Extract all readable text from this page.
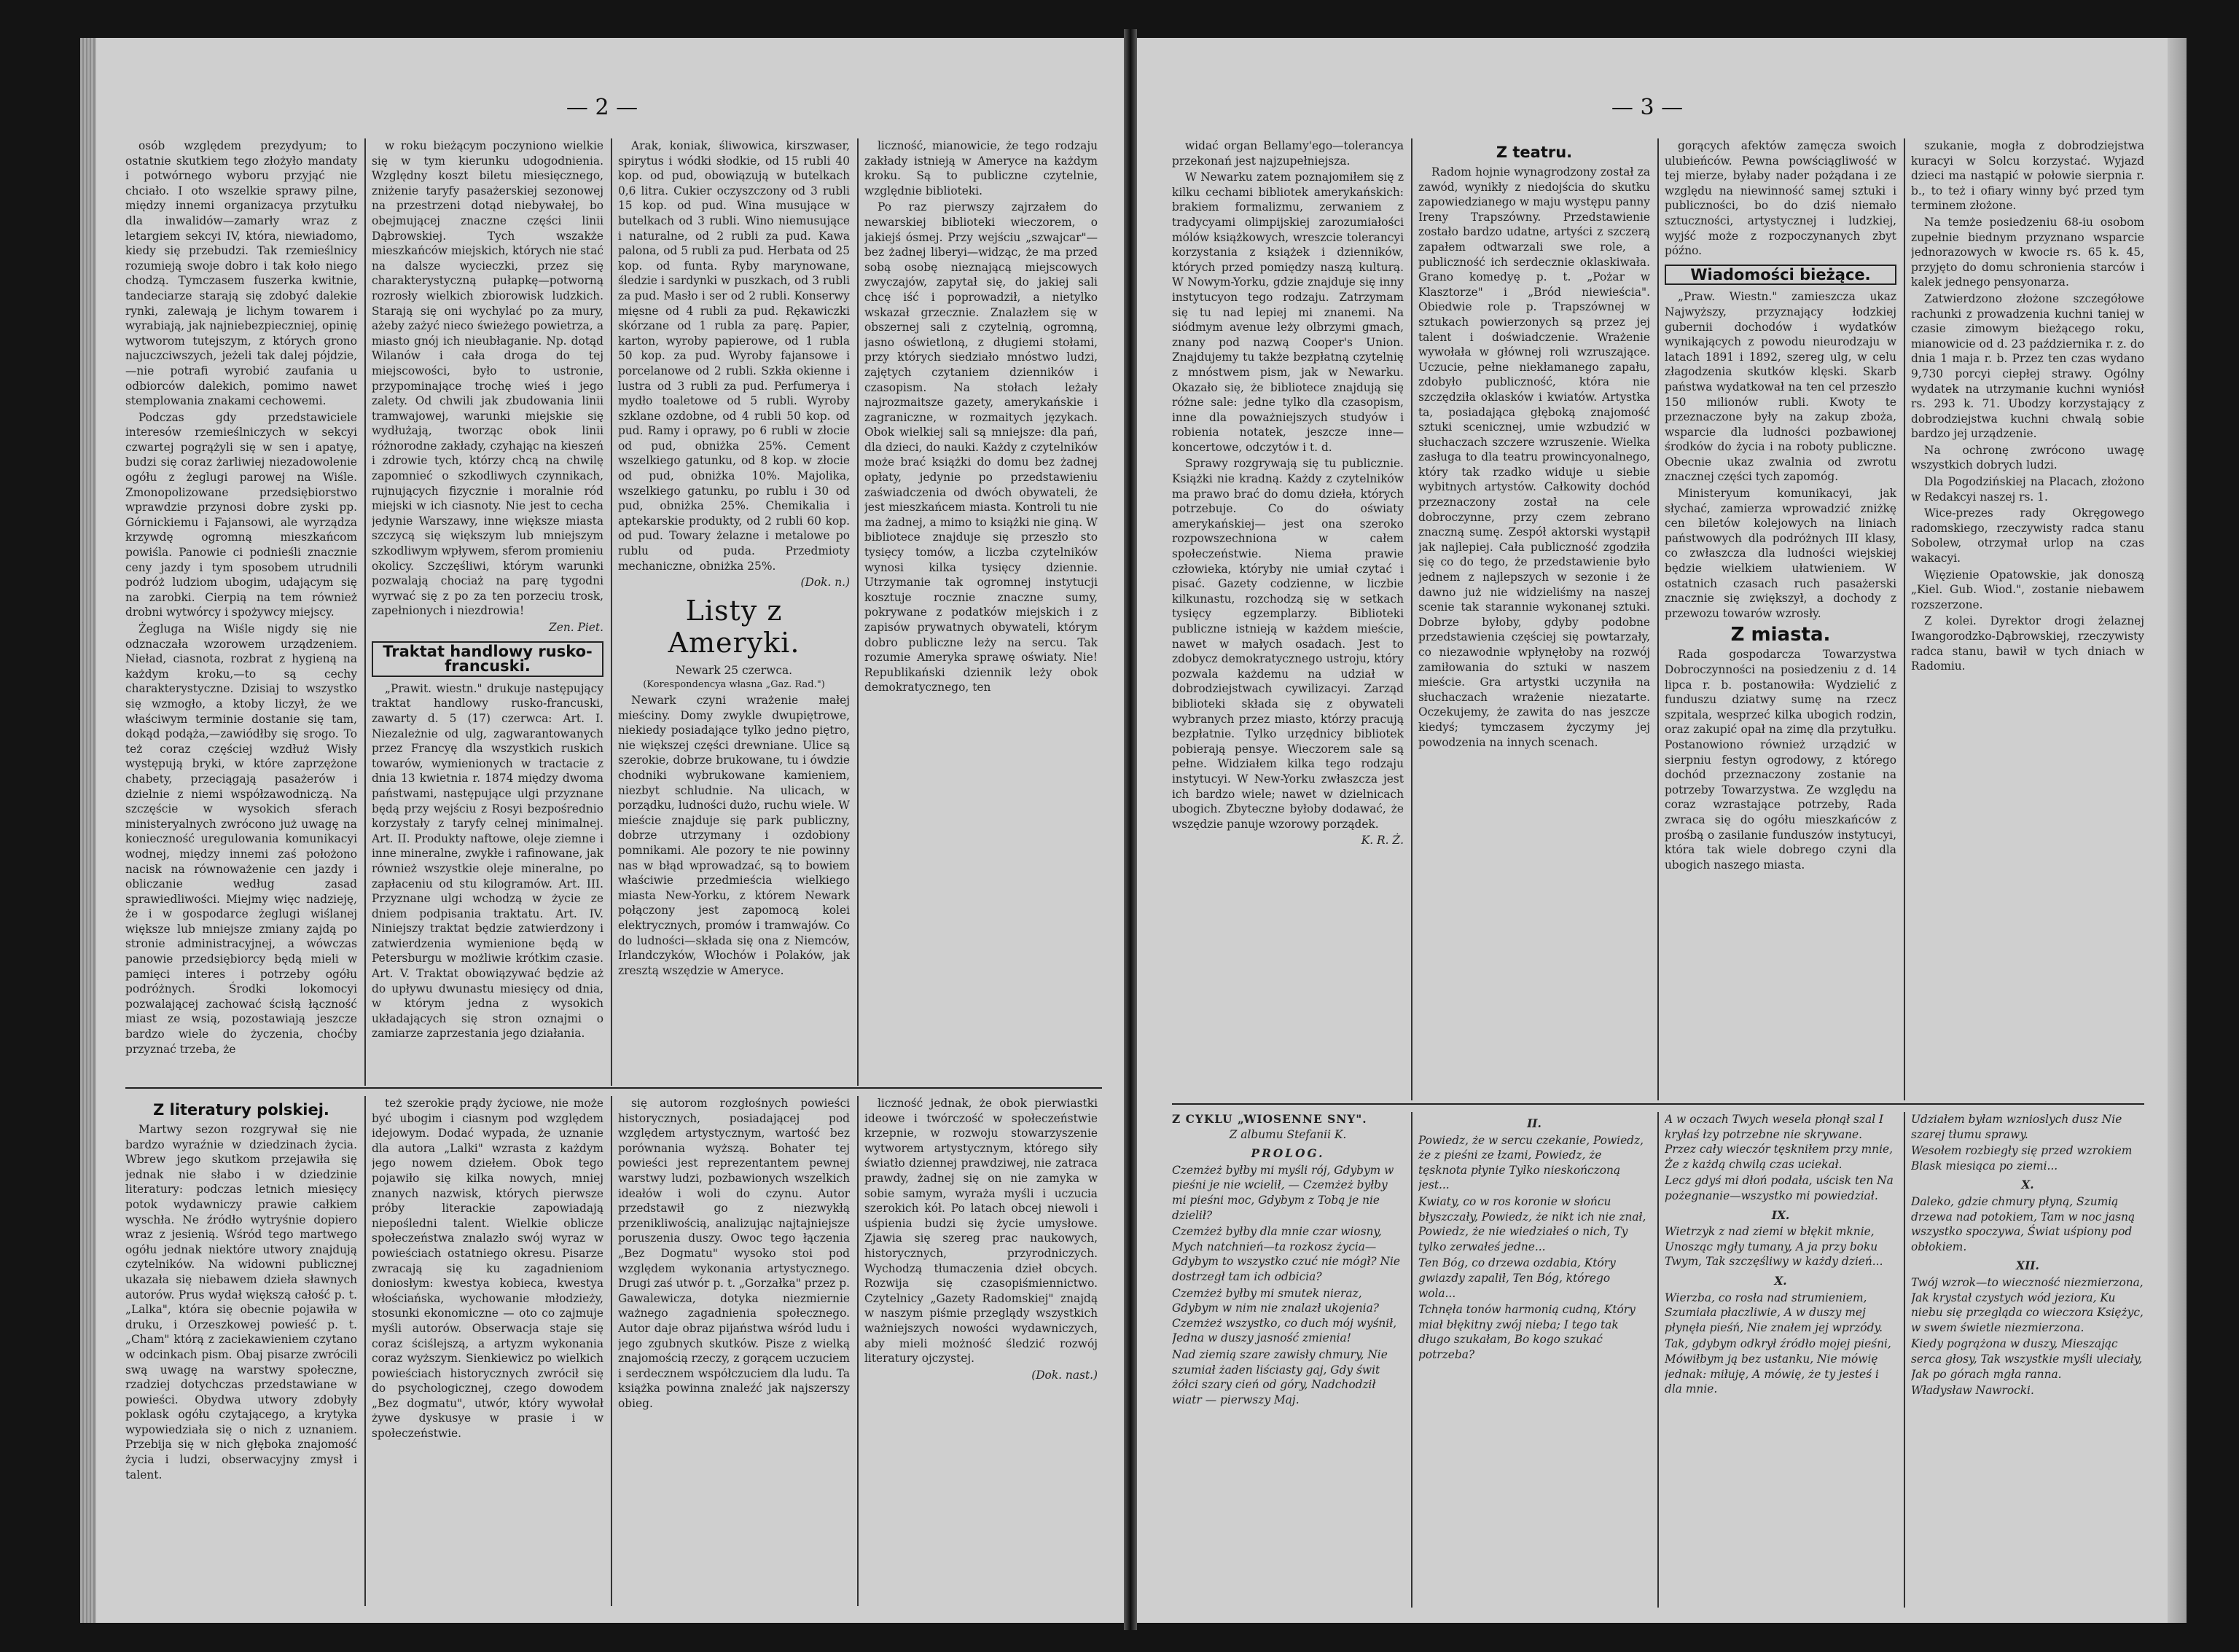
— 2 —

osób względem prezydyum; to ostatnie skutkiem tego złożyło mandaty i potwórnego wyboru przyjąć nie chciało. I oto wszelkie sprawy pilne, między innemi organizacya przytułku dla inwalidów—zamarły wraz z letargiem sekcyi IV, która, niewiadomo, kiedy się przebudzi. Tak rzemieślnicy rozumieją swoje dobro i tak koło niego chodzą. Tymczasem fuszerka kwitnie, tandeciarze starają się zdobyć dalekie rynki, zalewają je lichym towarem i wyrabiają, jak najniebezpieczniej, opinię wytworom tutejszym, z których grono najuczciwszych, jeżeli tak dalej pójdzie,—nie potrafi wyrobić zaufania u odbiorców dalekich, pomimo nawet stemplowania znakami cechowemi.

Podczas gdy przedstawiciele interesów rzemieślniczych w sekcyi czwartej pogrążyli się w sen i apatyę, budzi się coraz żarliwiej niezadowolenie ogółu z żeglugi parowej na Wiśle. Zmonopolizowane przedsiębiorstwo wprawdzie przynosi dobre zyski pp. Górnickiemu i Fajansowi, ale wyrządza krzywdę ogromną mieszkańcom powiśla. Panowie ci podnieśli znacznie ceny jazdy i tym sposobem utrudnili podróż ludziom ubogim, udającym się na zarobki. Cierpią na tem również drobni wytwórcy i spożywcy miejscy.

Żegluga na Wiśle nigdy się nie odznaczała wzorowem urządzeniem. Nieład, ciasnota, rozbrat z hygieną na każdym kroku,—to są cechy charakterystyczne. Dzisiaj to wszystko się wzmogło, a ktoby liczył, że we właściwym terminie dostanie się tam, dokąd podąża,—zawiódłby się srogo. To też coraz częściej wzdłuż Wisły występują bryki, w które zaprzężone chabety, przeciągają pasażerów i dzielnie z niemi współzawodniczą. Na szczęście w wysokich sferach ministeryalnych zwrócono już uwagę na konieczność uregulowania komunikacyi wodnej, między innemi zaś położono nacisk na równoważenie cen jazdy i obliczanie według zasad sprawiedliwości. Miejmy więc nadzieję, że i w gospodarce żeglugi wiślanej większe lub mniejsze zmiany zajdą po stronie administracyjnej, a wówczas panowie przedsiębiorcy będą mieli w pamięci interes i potrzeby ogółu podróżnych. Środki lokomocyi pozwalającej zachować ścisłą łączność miast ze wsią, pozostawiają jeszcze bardzo wiele do życzenia, choćby przyznać trzeba, że

w roku bieżącym poczyniono wielkie się w tym kierunku udogodnienia. Względny koszt biletu miesięcznego, zniżenie taryfy pasażerskiej sezonowej na przestrzeni dotąd niebywałej, bo obejmującej znaczne części linii Dąbrowskiej. Tych wszakże mieszkańców miejskich, których nie stać na dalsze wycieczki, przez się charakterystyczną pułapkę—potworną rozrosły wielkich zbiorowisk ludzkich. Starają się oni wychylać po za mury, ażeby zażyć nieco świeżego powietrza, a miasto gnój ich nieubłaganie. Np. dotąd Wilanów i cała droga do tej miejscowości, było to ustronie, przypominające trochę wieś i jego zalety. Od chwili jak zbudowania linii tramwajowej, warunki miejskie się wydłużają, tworząc obok linii różnorodne zakłady, czyhając na kieszeń i zdrowie tych, którzy chcą na chwilę zapomnieć o szkodliwych czynnikach, rujnujących fizycznie i moralnie ród miejski w ich ciasnoty. Nie jest to cecha jedynie Warszawy, inne większe miasta szczycą się większym lub mniejszym szkodliwym wpływem, sferom promieniu okolicy. Szczęśliwi, którym warunki pozwalają chociaż na parę tygodni wyrwać się z po za ten porzeciu trosk, zapełnionych i niezdrowia!

Zen. Piet.

Traktat handlowy rusko-francuski.

„Prawit. wiestn." drukuje następujący traktat handlowy rusko-francuski, zawarty d. 5 (17) czerwca: Art. I. Niezależnie od ulg, zagwarantowanych przez Francyę dla wszystkich ruskich towarów, wymienionych w tractacie z dnia 13 kwietnia r. 1874 między dwoma państwami, następujące ulgi przyznane będą przy wejściu z Rosyi bezpośrednio korzystały z taryfy celnej minimalnej. Art. II. Produkty naftowe, oleje ziemne i inne mineralne, zwykłe i rafinowane, jak również wszystkie oleje mineralne, po zapłaceniu od stu kilogramów. Art. III. Przyznane ulgi wchodzą w życie ze dniem podpisania traktatu. Art. IV. Niniejszy traktat będzie zatwierdzony i zatwierdzenia wymienione będą w Petersburgu w możliwie krótkim czasie. Art. V. Traktat obowiązywać będzie aż do upływu dwunastu miesięcy od dnia, w którym jedna z wysokich układających się stron oznajmi o zamiarze zaprzestania jego działania.

Arak, koniak, śliwowica, kirszwaser, spirytus i wódki słodkie, od 15 rubli 40 kop. od pud, obowiązują w butelkach 0,6 litra. Cukier oczyszczony od 3 rubli 15 kop. od pud. Wina musujące w butelkach od 3 rubli. Wino niemusujące i naturalne, od 2 rubli za pud. Kawa palona, od 5 rubli za pud. Herbata od 25 kop. od funta. Ryby marynowane, śledzie i sardynki w puszkach, od 3 rubli za pud. Masło i ser od 2 rubli. Konserwy mięsne od 4 rubli za pud. Rękawiczki skórzane od 1 rubla za parę. Papier, karton, wyroby papierowe, od 1 rubla 50 kop. za pud. Wyroby fajansowe i porcelanowe od 2 rubli. Szkła okienne i lustra od 3 rubli za pud. Perfumerya i mydło toaletowe od 5 rubli. Wyroby szklane ozdobne, od 4 rubli 50 kop. od pud. Ramy i oprawy, po 6 rubli w złocie od pud, obniżka 25%. Cement wszelkiego gatunku, od 8 kop. w złocie od pud, obniżka 10%. Majolika, wszelkiego gatunku, po rublu i 30 od pud, obniżka 25%. Chemikalia i aptekarskie produkty, od 2 rubli 60 kop. od pud. Towary żelazne i metalowe po rublu od puda. Przedmioty mechaniczne, obniżka 25%.

(Dok. n.)

Listy z Ameryki.
Newark 25 czerwca.
(Korespondencya własna „Gaz. Rad.")

Newark czyni wrażenie małej mieściny. Domy zwykle dwupiętrowe, niekiedy posiadające tylko jedno piętro, nie większej części drewniane. Ulice są szerokie, dobrze brukowane, tu i ówdzie chodniki wybrukowane kamieniem, niezbyt schludnie. Na ulicach, w porządku, ludności dużo, ruchu wiele. W mieście znajduje się park publiczny, dobrze utrzymany i ozdobiony pomnikami. Ale pozory te nie powinny nas w błąd wprowadzać, są to bowiem właściwie przedmieścia wielkiego miasta New-Yorku, z którem Newark połączony jest zapomocą kolei elektrycznych, promów i tramwajów. Co do ludności—składa się ona z Niemców, Irlandczyków, Włochów i Polaków, jak zresztą wszędzie w Ameryce.

liczność, mianowicie, że tego rodzaju zakłady istnieją w Ameryce na każdym kroku. Są to publiczne czytelnie, względnie biblioteki.

Po raz pierwszy zajrzałem do newarskiej biblioteki wieczorem, o jakiejś ósmej. Przy wejściu „szwajcar"—bez żadnej liberyi—widząc, że ma przed sobą osobę nieznającą miejscowych zwyczajów, zapytał się, do jakiej sali chcę iść i poprowadził, a nietylko wskazał grzecznie. Znalazłem się w obszernej sali z czytelnią, ogromną, jasno oświetloną, z długiemi stołami, przy których siedziało mnóstwo ludzi, zajętych czytaniem dzienników i czasopism. Na stołach leżały najrozmaitsze gazety, amerykańskie i zagraniczne, w rozmaitych językach. Obok wielkiej sali są mniejsze: dla pań, dla dzieci, do nauki. Każdy z czytelników może brać książki do domu bez żadnej opłaty, jedynie po przedstawieniu zaświadczenia od dwóch obywateli, że jest mieszkańcem miasta. Kontroli tu nie ma żadnej, a mimo to książki nie giną. W bibliotece znajduje się przeszło sto tysięcy tomów, a liczba czytelników wynosi kilka tysięcy dziennie. Utrzymanie tak ogromnej instytucji kosztuje rocznie znaczne sumy, pokrywane z podatków miejskich i z zapisów prywatnych obywateli, którym dobro publiczne leży na sercu. Tak rozumie Ameryka sprawę oświaty. Nie! Republikański dziennik leży obok demokratycznego, ten

Z literatury polskiej.

Martwy sezon rozgrywał się nie bardzo wyraźnie w dziedzinach życia. Wbrew jego skutkom przejawiła się jednak nie słabo i w dziedzinie literatury: podczas letnich miesięcy potok wydawniczy prawie całkiem wyschła. Ne źródło wytryśnie dopiero wraz z jesienią. Wśród tego martwego ogółu jednak niektóre utwory znajdują czytelników. Na widowni publicznej ukazała się niebawem dzieła sławnych autorów. Prus wydał większą całość p. t. „Lalka", która się obecnie pojawiła w druku, i Orzeszkowej powieść p. t. „Cham" którą z zaciekawieniem czytano w odcinkach pism. Obaj pisarze zwrócili swą uwagę na warstwy społeczne, rzadziej dotychczas przedstawiane w powieści. Obydwa utwory zdobyły poklask ogółu czytającego, a krytyka wypowiedziała się o nich z uznaniem. Przebija się w nich głęboka znajomość życia i ludzi, obserwacyjny zmysł i talent.

też szerokie prądy życiowe, nie może być ubogim i ciasnym pod względem idejowym. Dodać wypada, że uznanie dla autora „Lalki" wzrasta z każdym jego nowem dziełem. Obok tego pojawiło się kilka nowych, mniej znanych nazwisk, których pierwsze próby literackie zapowiadają niepośledni talent. Wielkie oblicze społeczeństwa znalazło swój wyraz w powieściach ostatniego okresu. Pisarze zwracają się ku zagadnieniom doniosłym: kwestya kobieca, kwestya włościańska, wychowanie młodzieży, stosunki ekonomiczne — oto co zajmuje myśli autorów. Obserwacja staje się coraz ściślejszą, a artyzm wykonania coraz wyższym. Sienkiewicz po wielkich powieściach historycznych zwrócił się do psychologicznej, czego dowodem „Bez dogmatu", utwór, który wywołał żywe dyskusye w prasie i w społeczeństwie.

się autorom rozgłośnych powieści historycznych, posiadającej pod względem artystycznym, wartość bez porównania wyższą. Bohater tej powieści jest reprezentantem pewnej warstwy ludzi, pozbawionych wszelkich ideałów i woli do czynu. Autor przedstawił go z niezwykłą przenikliwością, analizując najtajniejsze poruszenia duszy. Owoc tego łączenia „Bez Dogmatu" wysoko stoi pod względem wykonania artystycznego. Drugi zaś utwór p. t. „Gorzałka" przez p. Gawalewicza, dotyka niezmiernie ważnego zagadnienia społecznego. Autor daje obraz pijaństwa wśród ludu i jego zgubnych skutków. Pisze z wielką znajomością rzeczy, z gorącem uczuciem i serdecznem współczuciem dla ludu. Ta książka powinna znaleźć jak najszerszy obieg.

liczność jednak, że obok pierwiastki ideowe i twórczość w społeczeństwie krzepnie, w rozwoju stowarzyszenie wytworem artystycznym, którego siły światło dziennej prawdziwej, nie zatraca prawdy, żadnej się on nie zamyka w sobie samym, wyraża myśli i uczucia szerokich kół. Po latach obcej niewoli i uśpienia budzi się życie umysłowe. Zjawia się szereg prac naukowych, historycznych, przyrodniczych. Wychodzą tłumaczenia dzieł obcych. Rozwija się czasopiśmiennictwo. Czytelnicy „Gazety Radomskiej" znajdą w naszym piśmie przeglądy wszystkich ważniejszych nowości wydawniczych, aby mieli możność śledzić rozwój literatury ojczystej.

(Dok. nast.)

— 3 —

widać organ Bellamy'ego—tolerancya przekonań jest najzupełniejsza.

W Newarku zatem poznajomiłem się z kilku cechami bibliotek amerykańskich: brakiem formalizmu, zerwaniem z tradycyami olimpijskiej zarozumiałości mólów książkowych, wreszcie tolerancyi korzystania z książek i dzienników, których przed pomiędzy naszą kulturą. W Nowym-Yorku, gdzie znajduje się inny instytucyon tego rodzaju. Zatrzymam się tu nad lepiej mi znanemi. Na siódmym avenue leży olbrzymi gmach, znany pod nazwą Cooper's Union. Znajdujemy tu także bezpłatną czytelnię z mnóstwem pism, jak w Newarku. Okazało się, że bibliotece znajdują się różne sale: jedne tylko dla czasopism, inne dla poważniejszych studyów i robienia notatek, jeszcze inne—koncertowe, odczytów i t. d.

Sprawy rozgrywają się tu publicznie. Książki nie kradną. Każdy z czytelników ma prawo brać do domu dzieła, których potrzebuje. Co do oświaty amerykańskiej— jest ona szeroko rozpowszechniona w całem społeczeństwie. Niema prawie człowieka, któryby nie umiał czytać i pisać. Gazety codzienne, w liczbie kilkunastu, rozchodzą się w setkach tysięcy egzemplarzy. Biblioteki publiczne istnieją w każdem mieście, nawet w małych osadach. Jest to zdobycz demokratycznego ustroju, który pozwala każdemu na udział w dobrodziejstwach cywilizacyi. Zarząd biblioteki składa się z obywateli wybranych przez miasto, którzy pracują bezpłatnie. Tylko urzędnicy bibliotek pobierają pensye. Wieczorem sale są pełne. Widziałem kilka tego rodzaju instytucyi. W New-Yorku zwłaszcza jest ich bardzo wiele; nawet w dzielnicach ubogich. Zbyteczne byłoby dodawać, że wszędzie panuje wzorowy porządek.

K. R. Ż.

Z teatru.

Radom hojnie wynagrodzony został za zawód, wynikły z niedojścia do skutku zapowiedzianego w maju występu panny Ireny Trapszówny. Przedstawienie zostało bardzo udatne, artyści z szczerą zapałem odtwarzali swe role, a publiczność ich serdecznie oklaskiwała. Grano komedyę p. t. „Pożar w Klasztorze" i „Bród niewieścia". Obiedwie role p. Trapszównej w sztukach powierzonych są przez jej talent i doświadczenie. Wrażenie wywołała w głównej roli wzruszające. Uczucie, pełne niekłamanego zapału, zdobyło publiczność, która nie szczędziła oklasków i kwiatów. Artystka ta, posiadająca głęboką znajomość sztuki scenicznej, umie wzbudzić w słuchaczach szczere wzruszenie. Wielka zasługa to dla teatru prowincyonalnego, który tak rzadko widuje u siebie wybitnych artystów. Całkowity dochód przeznaczony został na cele dobroczynne, przy czem zebrano znaczną sumę. Zespół aktorski wystąpił jak najlepiej. Cała publiczność zgodziła się co do tego, że przedstawienie było jednem z najlepszych w sezonie i że dawno już nie widzieliśmy na naszej scenie tak starannie wykonanej sztuki. Dobrze byłoby, gdyby podobne przedstawienia częściej się powtarzały, co niezawodnie wpłynęłoby na rozwój zamiłowania do sztuki w naszem mieście. Gra artystki uczyniła na słuchaczach wrażenie niezatarte. Oczekujemy, że zawita do nas jeszcze kiedyś; tymczasem życzymy jej powodzenia na innych scenach.

gorących afektów zamęcza swoich ulubieńców. Pewna powściągliwość w tej mierze, byłaby nader pożądana i ze względu na niewinność samej sztuki i publiczności, bo do dziś niemało sztuczności, artystycznej i ludzkiej, wyjść może z rozpoczynanych zbyt późno.

Wiadomości bieżące.

„Praw. Wiestn." zamieszcza ukaz Najwyższy, przyznający łodzkiej gubernii dochodów i wydatków wynikających z powodu nieurodzaju w latach 1891 i 1892, szereg ulg, w celu złagodzenia skutków klęski. Skarb państwa wydatkował na ten cel przeszło 150 milionów rubli. Kwoty te przeznaczone były na zakup zboża, wsparcie dla ludności pozbawionej środków do życia i na roboty publiczne. Obecnie ukaz zwalnia od zwrotu znacznej części tych zapomóg.

Ministeryum komunikacyi, jak słychać, zamierza wprowadzić zniżkę cen biletów kolejowych na liniach państwowych dla podróżnych III klasy, co zwłaszcza dla ludności wiejskiej będzie wielkiem ułatwieniem. W ostatnich czasach ruch pasażerski znacznie się zwiększył, a dochody z przewozu towarów wzrosły.

Z miasta.

Rada gospodarcza Towarzystwa Dobroczynności na posiedzeniu z d. 14 lipca r. b. postanowiła: Wydzielić z funduszu dziatwy sumę na rzecz szpitala, wesprzeć kilka ubogich rodzin, oraz zakupić opał na zimę dla przytułku. Postanowiono również urządzić w sierpniu festyn ogrodowy, z którego dochód przeznaczony zostanie na potrzeby Towarzystwa. Ze względu na coraz wzrastające potrzeby, Rada zwraca się do ogółu mieszkańców z prośbą o zasilanie funduszów instytucyi, która tak wiele dobrego czyni dla ubogich naszego miasta.

szukanie, mogła z dobrodziejstwa kuracyi w Solcu korzystać. Wyjazd dzieci ma nastąpić w połowie sierpnia r. b., to też i ofiary winny być przed tym terminem złożone.

Na temże posiedzeniu 68-iu osobom zupełnie biednym przyznano wsparcie jednorazowych w kwocie rs. 65 k. 45, przyjęto do domu schronienia starców i kalek jednego pensyonarza.

Zatwierdzono złożone szczegółowe rachunki z prowadzenia kuchni taniej w czasie zimowym bieżącego roku, mianowicie od d. 23 października r. z. do dnia 1 maja r. b. Przez ten czas wydano 9,730 porcyi ciepłej strawy. Ogólny wydatek na utrzymanie kuchni wyniósł rs. 293 k. 71. Ubodzy korzystający z dobrodziejstwa kuchni chwalą sobie bardzo jej urządzenie.

Na ochronę zwrócono uwagę wszystkich dobrych ludzi.

Dla Pogodzińskiej na Placach, złożono w Redakcyi naszej rs. 1.

Wice-prezes rady Okręgowego radomskiego, rzeczywisty radca stanu Sobolew, otrzymał urlop na czas wakacyi.

Więzienie Opatowskie, jak donoszą „Kiel. Gub. Wiod.", zostanie niebawem rozszerzone.

Z kolei. Dyrektor drogi żelaznej Iwangorodzko-Dąbrowskiej, rzeczywisty radca stanu, bawił w tych dniach w Radomiu.

Z CYKLU „WIOSENNE SNY".
Z albumu Stefanii K.
PROLOG.

Czemżeż byłby mi myśli rój, Gdybym w pieśni je nie wcielił, — Czemżeż byłby mi pieśni moc, Gdybym z Tobą je nie dzielił?

Czemżeż byłby dla mnie czar wiosny, Mych natchnień—ta rozkosz życia— Gdybym to wszystko czuć nie mógł? Nie dostrzegł tam ich odbicia?

Czemżeż byłby mi smutek nieraz, Gdybym w nim nie znalazł ukojenia? Czemżeż wszystko, co duch mój wyśnił, Jedna w duszy jasność zmienia!

Nad ziemią szare zawisły chmury, Nie szumiał żaden liściasty gaj, Gdy świt żółci szary cień od góry, Nadchodził wiatr — pierwszy Maj.

II.

Powiedz, że w sercu czekanie, Powiedz, że z pieśni ze łzami, Powiedz, że tęsknota płynie Tylko nieskończoną jest...

Kwiaty, co w ros koronie w słońcu błyszczały, Powiedz, że nikt ich nie znał, Powiedz, że nie wiedziałeś o nich, Ty tylko zerwałeś jedne...

Ten Bóg, co drzewa ozdabia, Który gwiazdy zapalił, Ten Bóg, którego wola...

Tchnęła tonów harmonią cudną, Który miał błękitny zwój nieba; I tego tak długo szukałam, Bo kogo szukać potrzeba?

A w oczach Twych wesela płonął szal I kryłaś łzy potrzebne nie skrywane. Przez cały wieczór tęskniłem przy mnie, Że z każdą chwilą czas uciekał.

Lecz gdyś mi dłoń podała, uścisk ten Na pożegnanie—wszystko mi powiedział.

IX.

Wietrzyk z nad ziemi w błękit mknie, Unosząc mgły tumany, A ja przy boku Twym, Tak szczęśliwy w każdy dzień...

X.

Wierzba, co rosła nad strumieniem, Szumiała płaczliwie, A w duszy mej płynęła pieśń, Nie znałem jej wprzódy.

Tak, gdybym odkrył źródło mojej pieśni, Mówiłbym ją bez ustanku, Nie mówię jednak: miłuję, A mówię, że ty jesteś i dla mnie.

Udziałem byłam wznioslych dusz Nie szarej tłumu sprawy.

Wesołem rozbiegły się przed wzrokiem Blask miesiąca po ziemi...

X.

Daleko, gdzie chmury płyną, Szumią drzewa nad potokiem, Tam w noc jasną wszystko spoczywa, Świat uśpiony pod obłokiem.

XII.

Twój wzrok—to wieczność niezmierzona, Jak krystał czystych wód jeziora, Ku niebu się przegląda co wieczora Księżyc, w swem świetle niezmierzona.

Kiedy pogrążona w duszy, Mieszając serca głosy, Tak wszystkie myśli uleciały, Jak po górach mgła ranna.

Władysław Nawrocki.
